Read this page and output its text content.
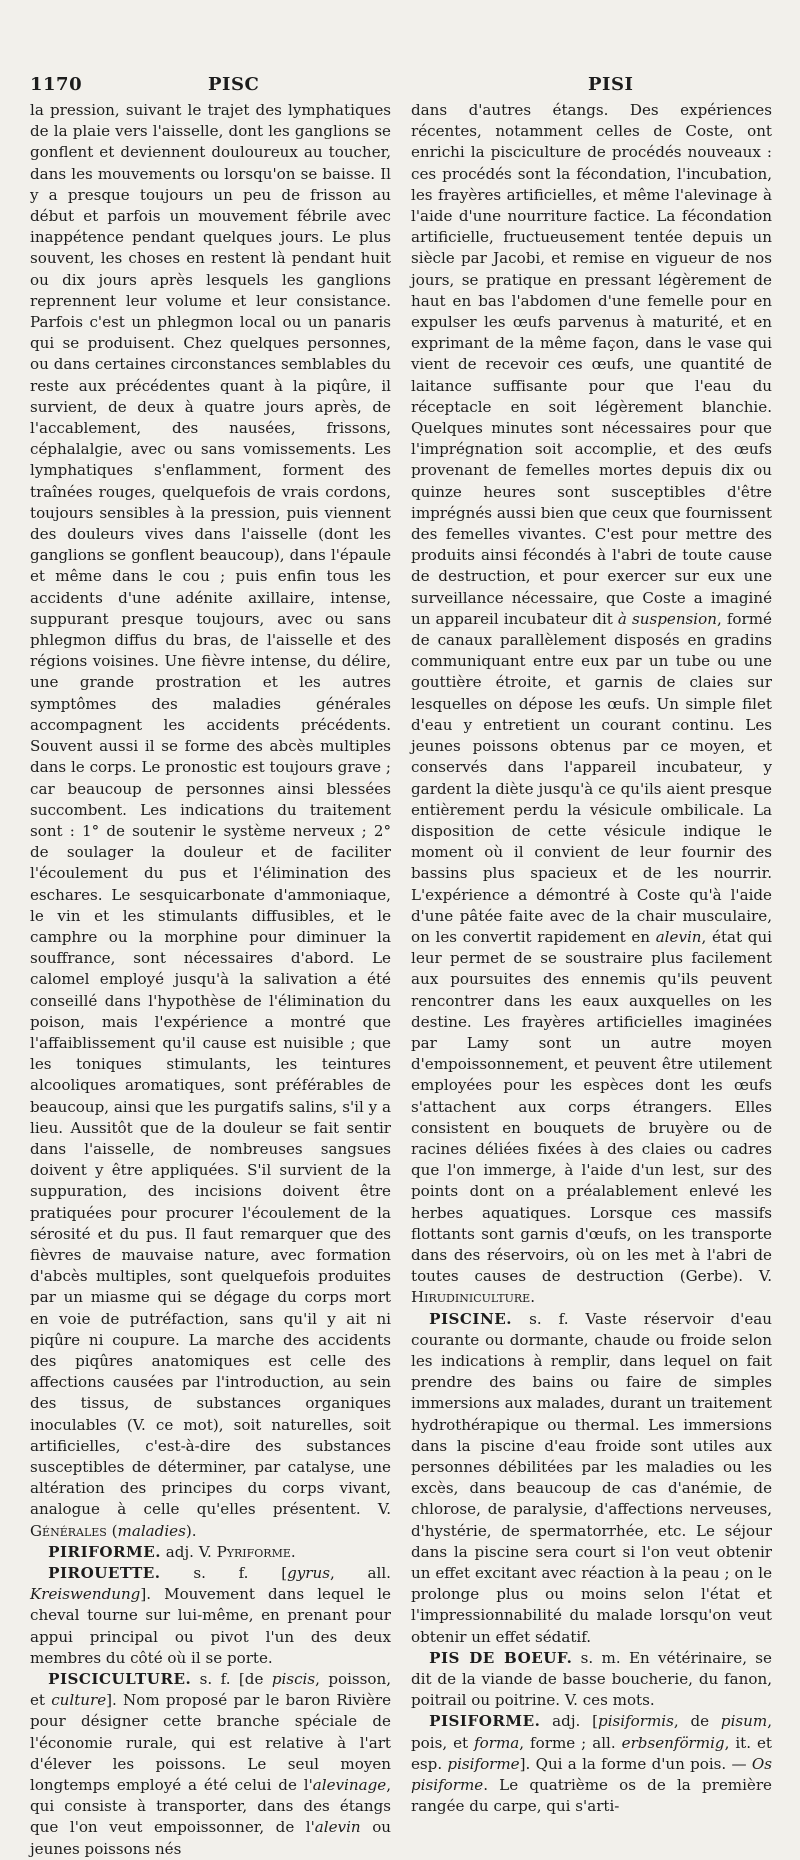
1170	PISC	PISI

la pression, suivant le trajet des lymphatiques de la plaie vers l'aisselle, dont les ganglions se gonflent et deviennent douloureux au toucher, dans les mouvements ou lorsqu'on se baisse. Il y a presque toujours un peu de frisson au début et parfois un mouvement fébrile avec inappétence pendant quelques jours. Le plus souvent, les choses en restent là pendant huit ou dix jours après lesquels les ganglions reprennent leur volume et leur consistance. Parfois c'est un phlegmon local ou un panaris qui se produisent. Chez quelques personnes, ou dans certaines circonstances semblables du reste aux précédentes quant à la piqûre, il survient, de deux à quatre jours après, de l'accablement, des nausées, frissons, céphalalgie, avec ou sans vomissements. Les lymphatiques s'enflamment, forment des traînées rouges, quelquefois de vrais cordons, toujours sensibles à la pression, puis viennent des douleurs vives dans l'aisselle (dont les ganglions se gonflent beaucoup), dans l'épaule et même dans le cou ; puis enfin tous les accidents d'une adénite axillaire, intense, suppurant presque toujours, avec ou sans phlegmon diffus du bras, de l'aisselle et des régions voisines. Une fièvre intense, du délire, une grande prostration et les autres symptômes des maladies générales accompagnent les accidents précédents. Souvent aussi il se forme des abcès multiples dans le corps. Le pronostic est toujours grave ; car beaucoup de personnes ainsi blessées succombent. Les indications du traitement sont : 1° de soutenir le système nerveux ; 2° de soulager la douleur et de faciliter l'écoulement du pus et l'élimination des eschares. Le sesquicarbonate d'ammoniaque, le vin et les stimulants diffusibles, et le camphre ou la morphine pour diminuer la souffrance, sont nécessaires d'abord. Le calomel employé jusqu'à la salivation a été conseillé dans l'hypothèse de l'élimination du poison, mais l'expérience a montré que l'affaiblissement qu'il cause est nuisible ; que les toniques stimulants, les teintures alcooliques aromatiques, sont préférables de beaucoup, ainsi que les purgatifs salins, s'il y a lieu. Aussitôt que de la douleur se fait sentir dans l'aisselle, de nombreuses sangsues doivent y être appliquées. S'il survient de la suppuration, des incisions doivent être pratiquées pour procurer l'écoulement de la sérosité et du pus. Il faut remarquer que des fièvres de mauvaise nature, avec formation d'abcès multiples, sont quelquefois produites par un miasme qui se dégage du corps mort en voie de putréfaction, sans qu'il y ait ni piqûre ni coupure. La marche des accidents des piqûres anatomiques est celle des affections causées par l'introduction, au sein des tissus, de substances organiques inoculables (V. ce mot), soit naturelles, soit artificielles, c'est-à-dire des substances susceptibles de déterminer, par catalyse, une altération des principes du corps vivant, analogue à celle qu'elles présentent. V. Générales (maladies).

PIRIFORME. adj. V. Pyriforme.

PIROUETTE. s. f. [gyrus, all. Kreiswendung]. Mouvement dans lequel le cheval tourne sur lui-même, en prenant pour appui principal ou pivot l'un des deux membres du côté où il se porte.

PISCICULTURE. s. f. [de piscis, poisson, et culture]. Nom proposé par le baron Rivière pour désigner cette branche spéciale de l'économie rurale, qui est relative à l'art d'élever les poissons. Le seul moyen longtemps employé a été celui de l'alevinage, qui consiste à transporter, dans des étangs que l'on veut empoissonner, de l'alevin ou jeunes poissons nés

dans d'autres étangs. Des expériences récentes, notamment celles de Coste, ont enrichi la pisciculture de procédés nouveaux : ces procédés sont la fécondation, l'incubation, les frayères artificielles, et même l'alevinage à l'aide d'une nourriture factice. La fécondation artificielle, fructueusement tentée depuis un siècle par Jacobi, et remise en vigueur de nos jours, se pratique en pressant légèrement de haut en bas l'abdomen d'une femelle pour en expulser les œufs parvenus à maturité, et en exprimant de la même façon, dans le vase qui vient de recevoir ces œufs, une quantité de laitance suffisante pour que l'eau du réceptacle en soit légèrement blanchie. Quelques minutes sont nécessaires pour que l'imprégnation soit accomplie, et des œufs provenant de femelles mortes depuis dix ou quinze heures sont susceptibles d'être imprégnés aussi bien que ceux que fournissent des femelles vivantes. C'est pour mettre des produits ainsi fécondés à l'abri de toute cause de destruction, et pour exercer sur eux une surveillance nécessaire, que Coste a imaginé un appareil incubateur dit à suspension, formé de canaux parallèlement disposés en gradins communiquant entre eux par un tube ou une gouttière étroite, et garnis de claies sur lesquelles on dépose les œufs. Un simple filet d'eau y entretient un courant continu. Les jeunes poissons obtenus par ce moyen, et conservés dans l'appareil incubateur, y gardent la diète jusqu'à ce qu'ils aient presque entièrement perdu la vésicule ombilicale. La disposition de cette vésicule indique le moment où il convient de leur fournir des bassins plus spacieux et de les nourrir. L'expérience a démontré à Coste qu'à l'aide d'une pâtée faite avec de la chair musculaire, on les convertit rapidement en alevin, état qui leur permet de se soustraire plus facilement aux poursuites des ennemis qu'ils peuvent rencontrer dans les eaux auxquelles on les destine. Les frayères artificielles imaginées par Lamy sont un autre moyen d'empoissonnement, et peuvent être utilement employées pour les espèces dont les œufs s'attachent aux corps étrangers. Elles consistent en bouquets de bruyère ou de racines déliées fixées à des claies ou cadres que l'on immerge, à l'aide d'un lest, sur des points dont on a préalablement enlevé les herbes aquatiques. Lorsque ces massifs flottants sont garnis d'œufs, on les transporte dans des réservoirs, où on les met à l'abri de toutes causes de destruction (Gerbe). V. Hirudiniculture.

PISCINE. s. f. Vaste réservoir d'eau courante ou dormante, chaude ou froide selon les indications à remplir, dans lequel on fait prendre des bains ou faire de simples immersions aux malades, durant un traitement hydrothérapique ou thermal. Les immersions dans la piscine d'eau froide sont utiles aux personnes débilitées par les maladies ou les excès, dans beaucoup de cas d'anémie, de chlorose, de paralysie, d'affections nerveuses, d'hystérie, de spermatorrhée, etc. Le séjour dans la piscine sera court si l'on veut obtenir un effet excitant avec réaction à la peau ; on le prolonge plus ou moins selon l'état et l'impressionnabilité du malade lorsqu'on veut obtenir un effet sédatif.

PIS DE BOEUF. s. m. En vétérinaire, se dit de la viande de basse boucherie, du fanon, poitrail ou poitrine. V. ces mots.

PISIFORME. adj. [pisiformis, de pisum, pois, et forma, forme ; all. erbsenförmig, it. et esp. pisiforme]. Qui a la forme d'un pois. — Os pisiforme. Le quatrième os de la première rangée du carpe, qui s'arti-
